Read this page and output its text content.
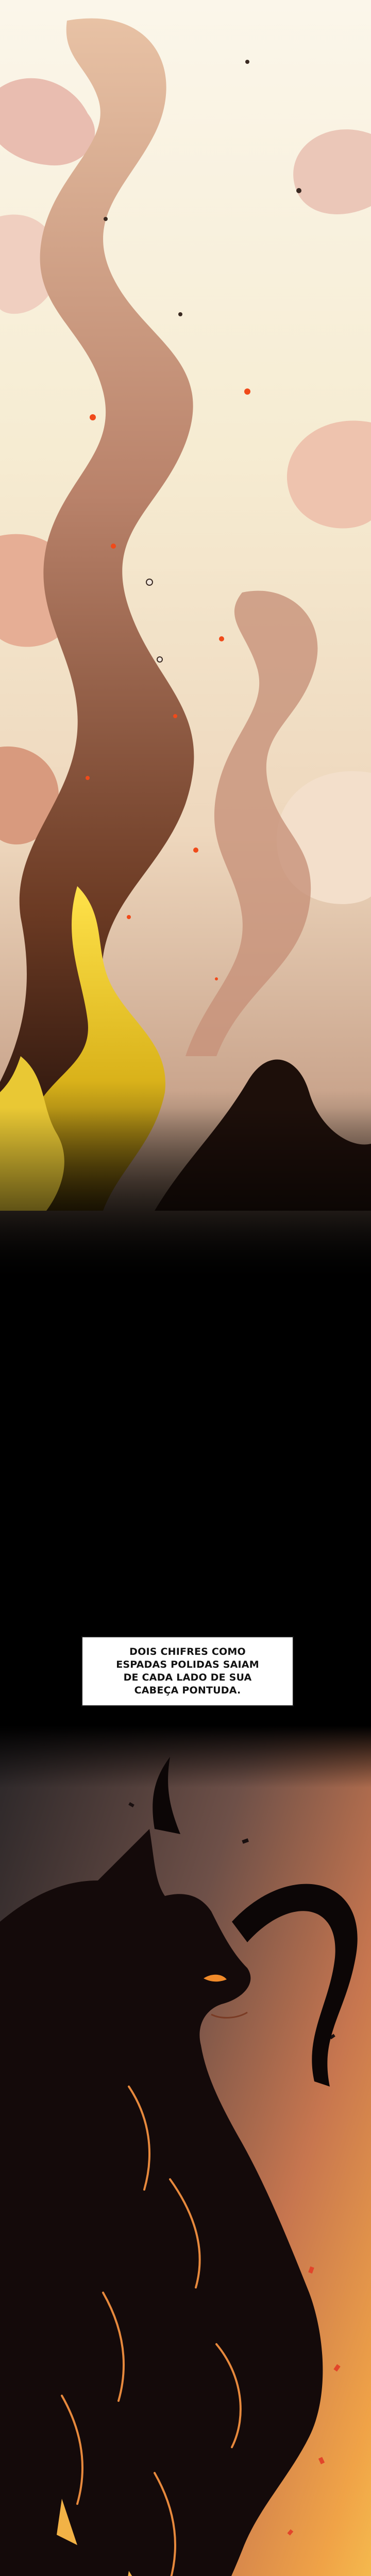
DOIS CHIFRES COMO
ESPADAS POLIDAS SAIAM
DE CADA LADO DE SUA
CABEÇA PONTUDA.
